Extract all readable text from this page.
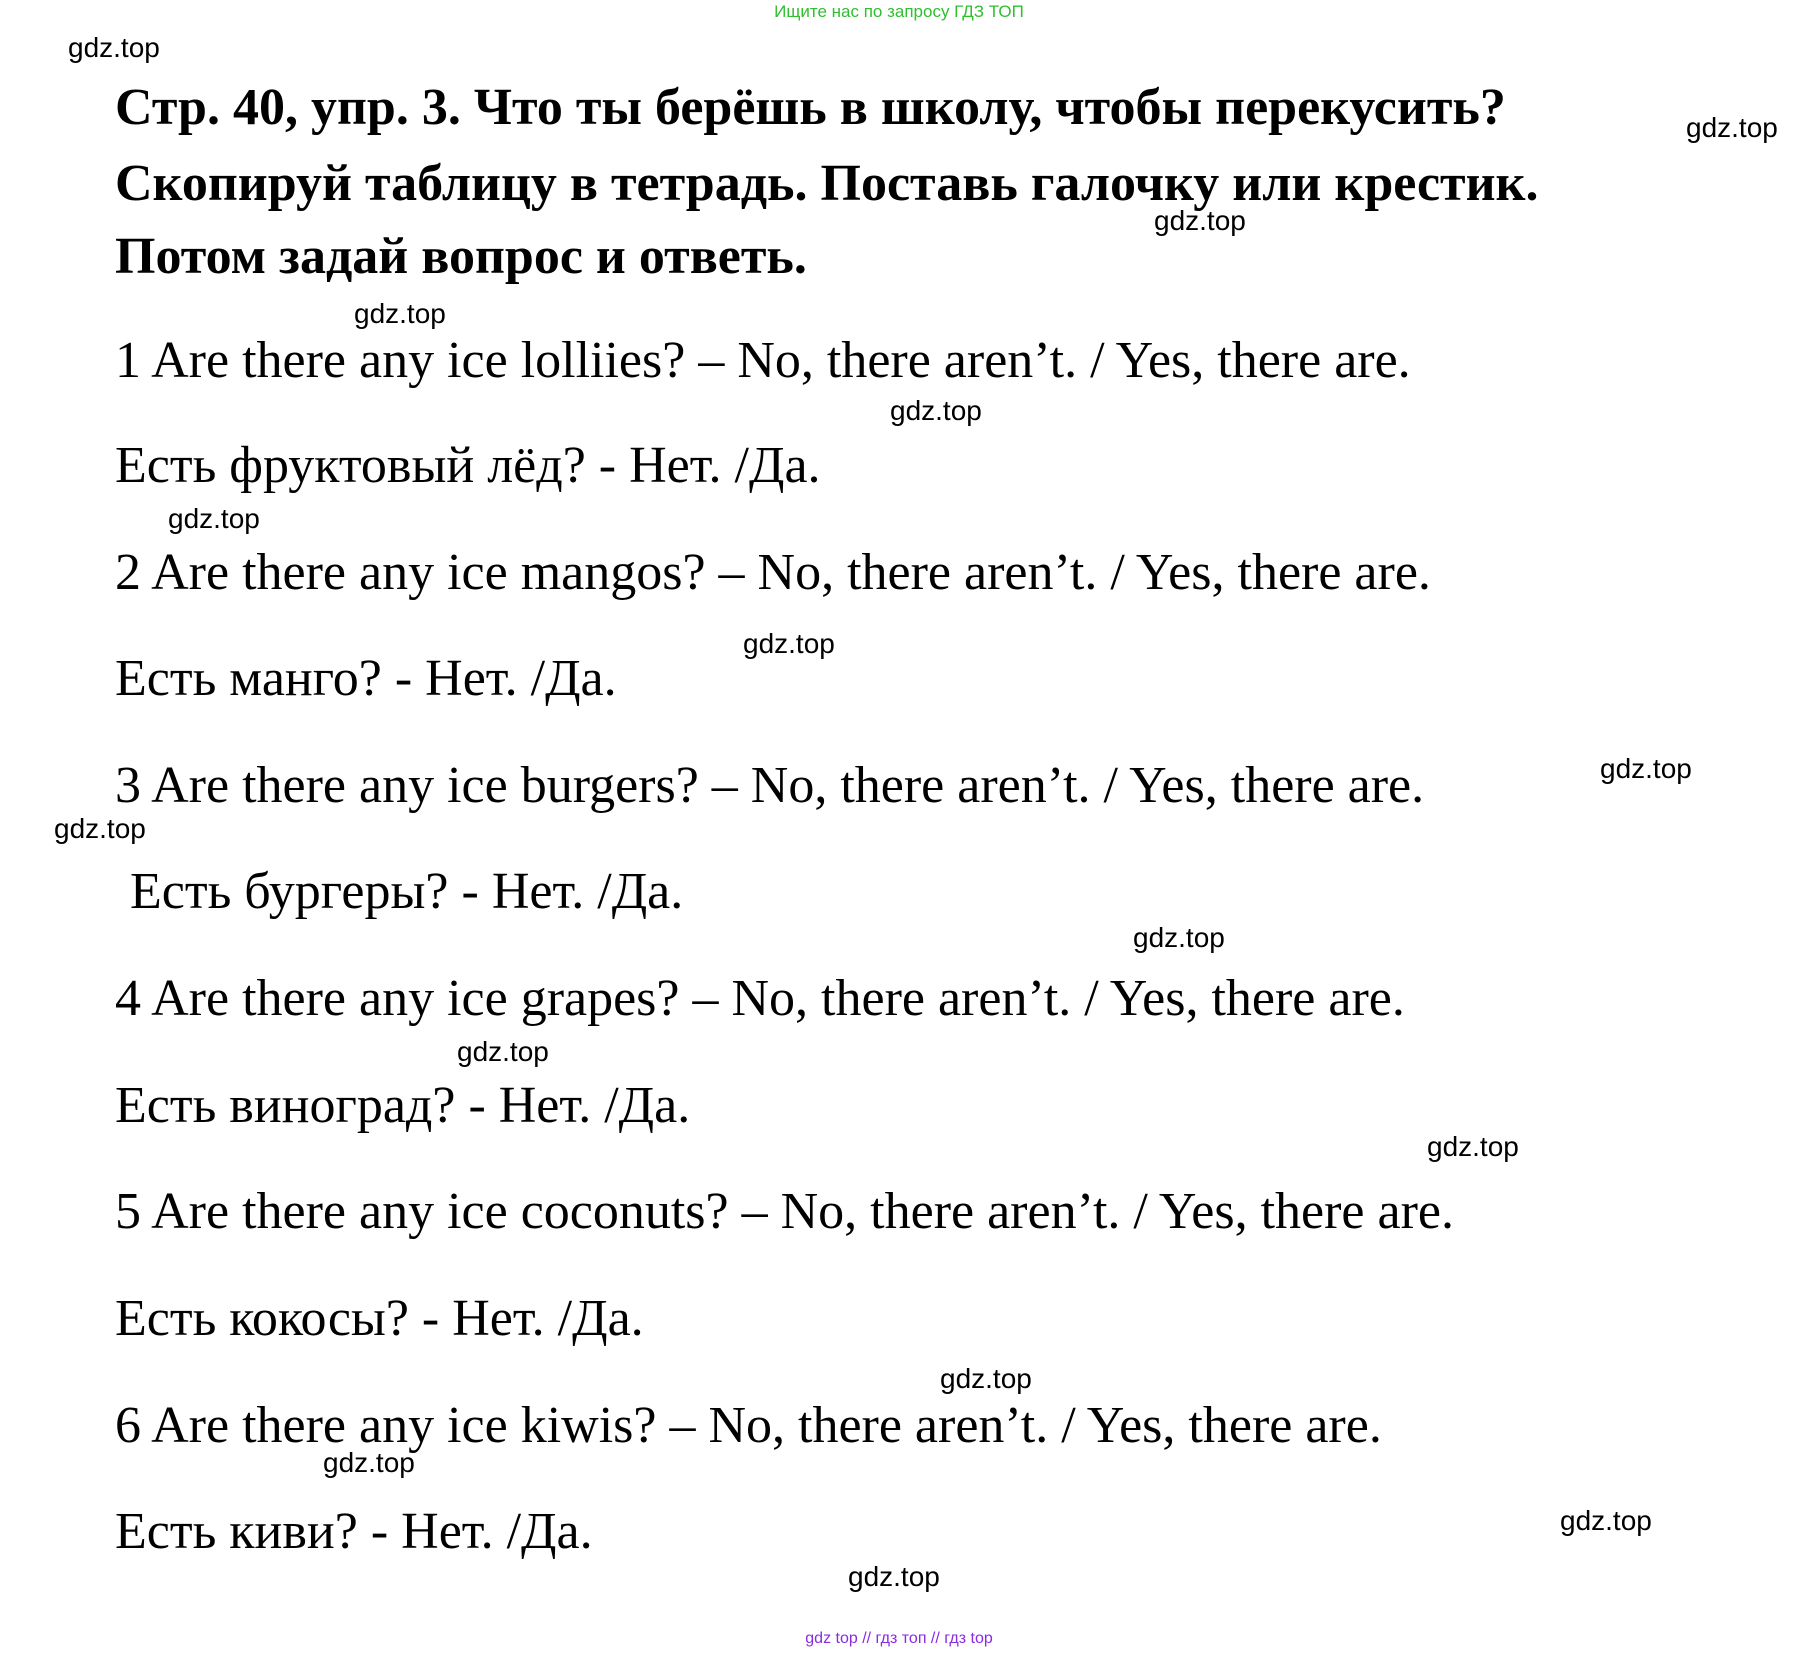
Ищите нас по запросу ГДЗ ТОП
Стр. 40, упр. 3. Что ты берёшь в школу, чтобы перекусить?
Скопируй таблицу в тетрадь. Поставь галочку или крестик.
Потом задай вопрос и ответь.
1 Are there any ice lolliies? – No, there aren’t. / Yes, there are.
Есть фруктовый лёд? - Нет. /Да.
2 Are there any ice mangos? – No, there aren’t. / Yes, there are.
Есть манго? - Нет. /Да.
3 Are there any ice burgers? – No, there aren’t. / Yes, there are.
Есть бургеры? - Нет. /Да.
4 Are there any ice grapes? – No, there aren’t. / Yes, there are.
Есть виноград? - Нет. /Да.
5 Are there any ice coconuts? – No, there aren’t. / Yes, there are.
Есть кокосы? - Нет. /Да.
6 Are there any ice kiwis? – No, there aren’t. / Yes, there are.
Есть киви? - Нет. /Да.
gdz.top
gdz.top
gdz.top
gdz.top
gdz.top
gdz.top
gdz.top
gdz.top
gdz.top
gdz.top
gdz.top
gdz.top
gdz.top
gdz.top
gdz.top
gdz.top
gdz top // гдз топ // гдз top
